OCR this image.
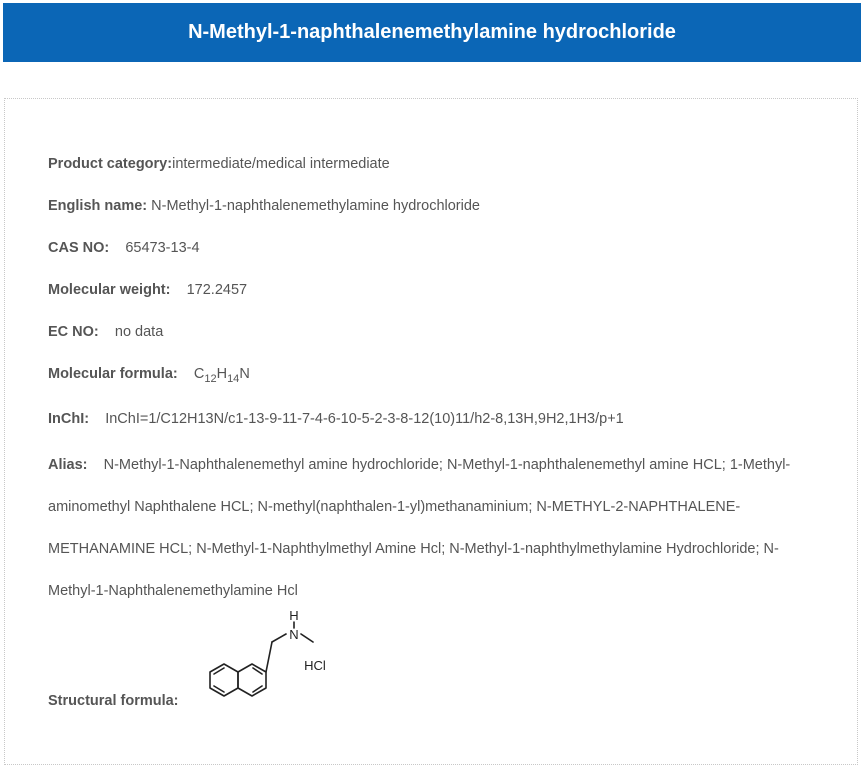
N-Methyl-1-naphthalenemethylamine hydrochloride
Product category:intermediate/medical intermediate
English name: N-Methyl-1-naphthalenemethylamine hydrochloride
CAS NO: 65473-13-4
Molecular weight: 172.2457
EC NO: no data
Molecular formula: $C_{12}H_{14}N$
InChI: InChI=1/C12H13N/c1-13-9-11-7-4-6-10-5-2-3-8-12(10)11/h2-8,13H,9H2,1H3/p+1
Alias: N-Methyl-1-Naphthalenemethyl amine hydrochloride; N-Methyl-1-naphthalenemethyl amine HCL; 1-Methyl-aminomethyl Naphthalene HCL; N-methyl(naphthalen-1-yl)methanaminium; N-METHYL-2-NAPHTHALENE-METHANAMINE HCL; N-Methyl-1-Naphthylmethyl Amine Hcl; N-Methyl-1-naphthylmethylamine Hydrochloride; N-Methyl-1-Naphthalenemethylamine Hcl
Structural formula:
H
N
HCl
